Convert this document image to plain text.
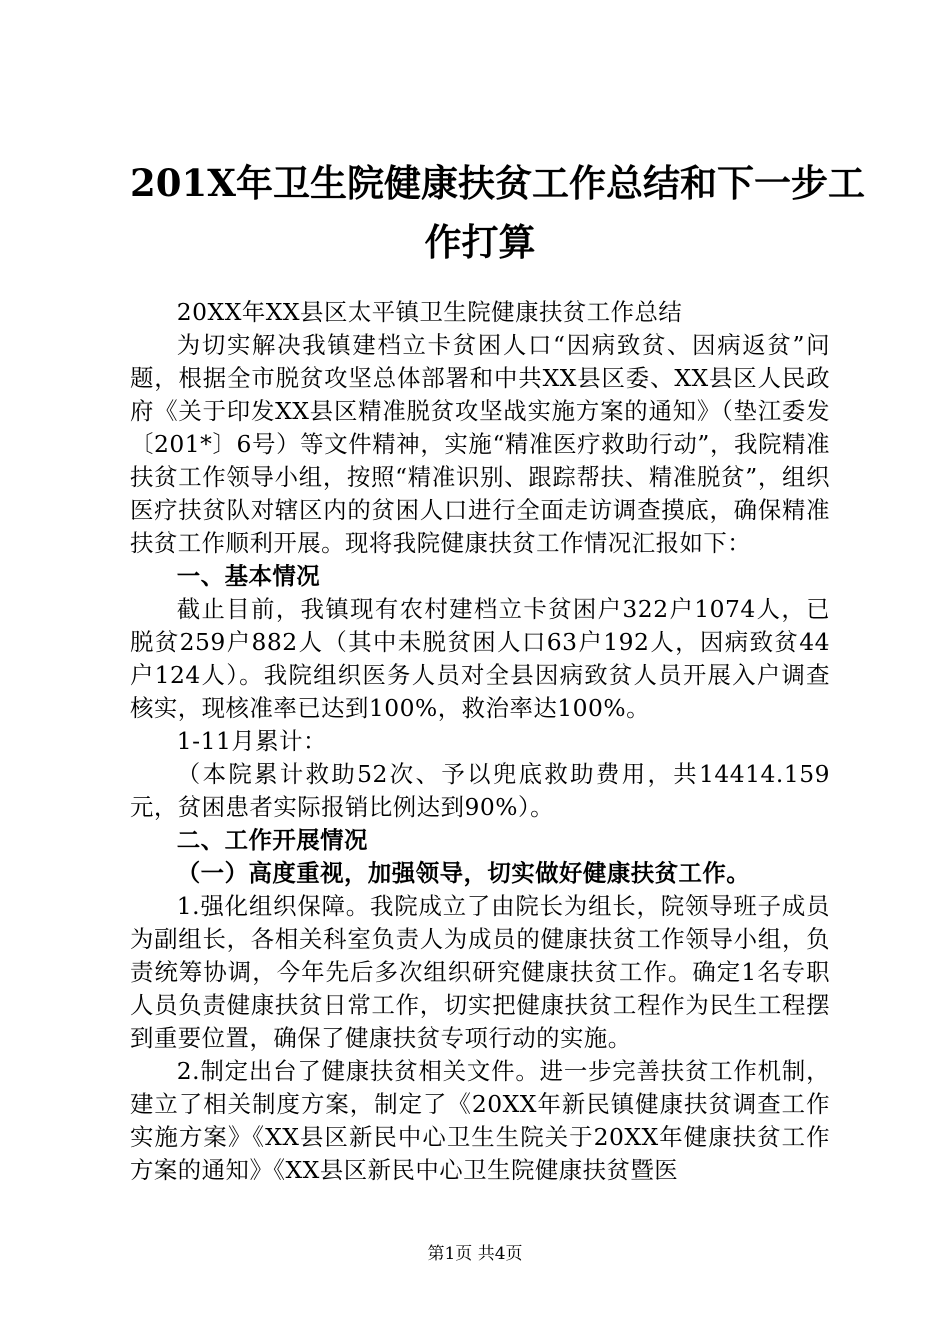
201X年卫生院健康扶贫工作总结和下一步工
作打算

20XX年XX县区太平镇卫生院健康扶贫工作总结

为切实解决我镇建档立卡贫困人口“因病致贫、因病返贫”问题，根据全市脱贫攻坚总体部署和中共XX县区委、XX县区人民政府《关于印发XX县区精准脱贫攻坚战实施方案的通知》（垫江委发〔201*〕6号）等文件精神，实施“精准医疗救助行动”，我院精准扶贫工作领导小组，按照“精准识别、跟踪帮扶、精准脱贫”，组织医疗扶贫队对辖区内的贫困人口进行全面走访调查摸底，确保精准扶贫工作顺利开展。现将我院健康扶贫工作情况汇报如下：

一、基本情况

截止目前，我镇现有农村建档立卡贫困户322户1074人，已脱贫259户882人（其中未脱贫困人口63户192人，因病致贫44户124人）。我院组织医务人员对全县因病致贫人员开展入户调查核实，现核准率已达到100%，救治率达100%。

1-11月累计：

（本院累计救助52次、予以兜底救助费用，共14414.159元，贫困患者实际报销比例达到90%）。

二、工作开展情况

（一）高度重视，加强领导，切实做好健康扶贫工作。

1.强化组织保障。我院成立了由院长为组长，院领导班子成员为副组长，各相关科室负责人为成员的健康扶贫工作领导小组，负责统筹协调，今年先后多次组织研究健康扶贫工作。确定1名专职人员负责健康扶贫日常工作，切实把健康扶贫工程作为民生工程摆到重要位置，确保了健康扶贫专项行动的实施。

2.制定出台了健康扶贫相关文件。进一步完善扶贫工作机制，建立了相关制度方案，制定了《20XX年新民镇健康扶贫调查工作实施方案》《XX县区新民中心卫生生院关于20XX年健康扶贫工作方案的通知》《XX县区新民中心卫生院健康扶贫暨医

第1页 共4页
